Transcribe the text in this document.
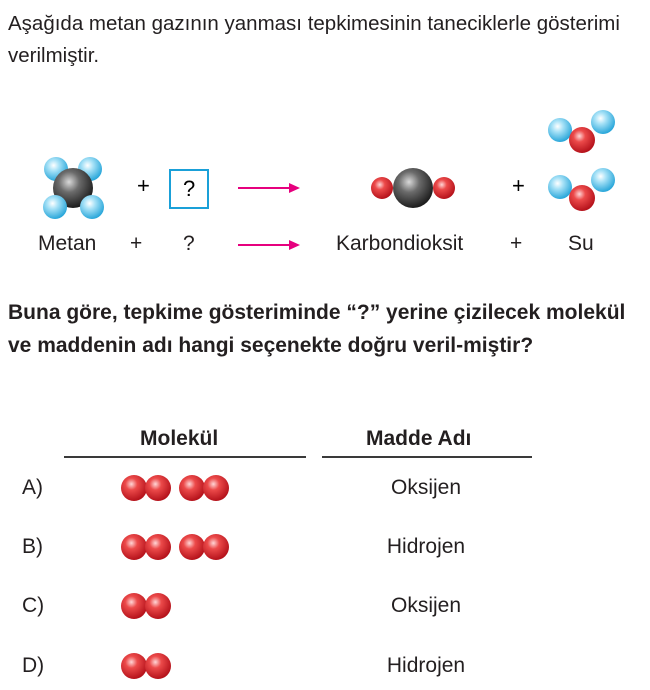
Aşağıda metan gazının yanması tepkimesinin taneciklerle gösterimi verilmiştir.

+ ?	+
Metan + ?	Karbondioksit + Su

Buna göre, tepkime gösteriminde “?” yerine çizilecek molekül ve maddenin adı hangi seçenekte doğru veril-miştir?

Molekül	Madde Adı
A)	Oksijen
B)	Hidrojen
C)	Oksijen
D)	Hidrojen
